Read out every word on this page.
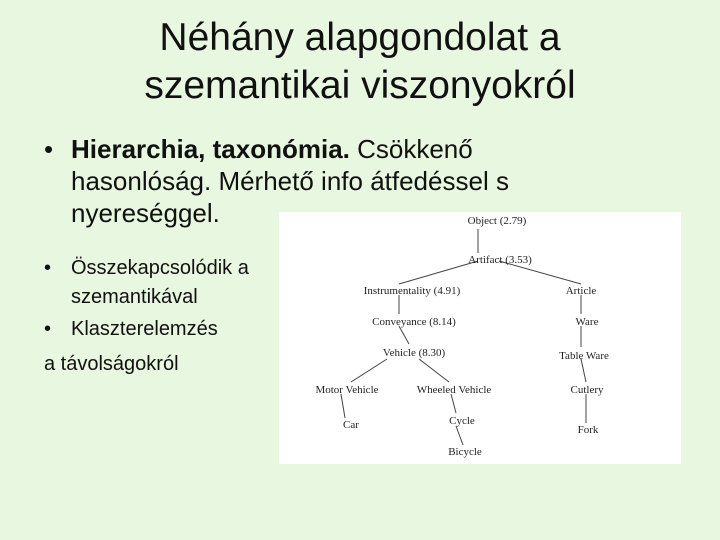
Néhány alapgondolat a
szemantikai viszonyokról
• Hierarchia, taxonómia. Csökkenő
hasonlóság. Mérhető info átfedéssel s
nyereséggel.
• Összekapcsolódik a
szemantikával
• Klaszterelemzés
a távolságokról
Object (2.79)
Artifact (3.53)
Instrumentality (4.91)	Article
Conveyance (8.14)	Ware
Vehicle (8.30)	Table Ware
Motor Vehicle	Wheeled Vehicle	Cutlery
Car	Cycle
Fork
Bicycle
